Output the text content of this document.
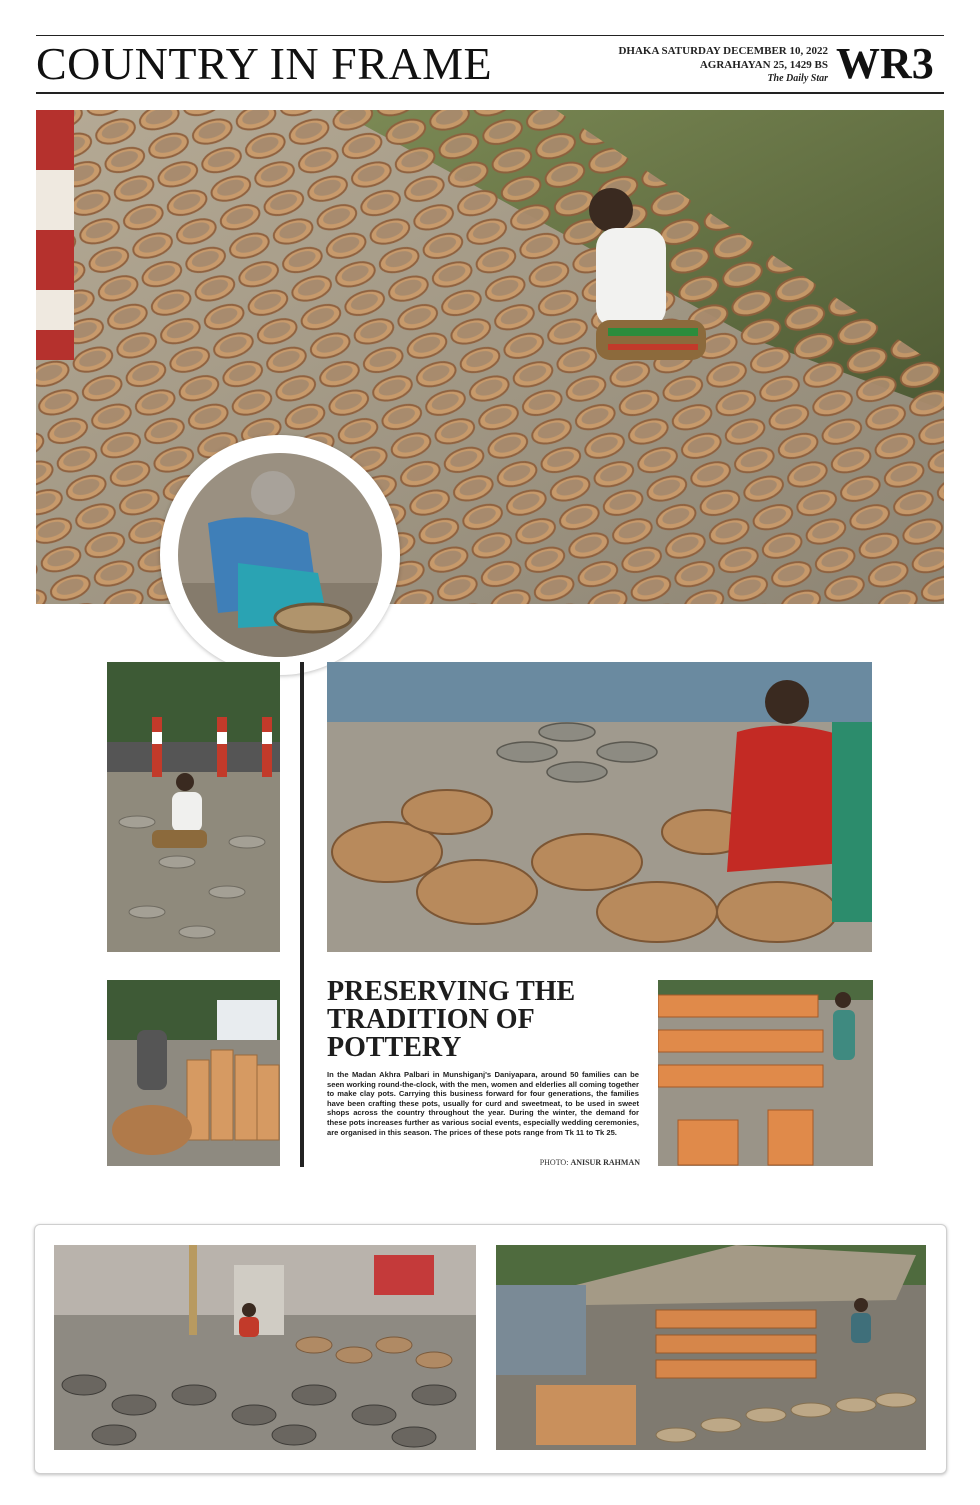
COUNTRY IN FRAME	DHAKA SATURDAY DECEMBER 10, 2022
AGRAHAYAN 25, 1429 BS
The Daily Star WR3
PRESERVING THE TRADITION OF POTTERY
In the Madan Akhra Palbari in Munshiganj's Daniyapara, around 50 families can be seen working round-the-clock, with the men, women and elderlies all coming together to make clay pots. Carrying this business forward for four generations, the families have been crafting these pots, usually for curd and sweetmeat, to be used in sweet shops across the country throughout the year. During the winter, the demand for these pots increases further as various social events, especially wedding ceremonies, are organised in this season. The prices of these pots range from Tk 11 to Tk 25.
PHOTO: ANISUR RAHMAN
